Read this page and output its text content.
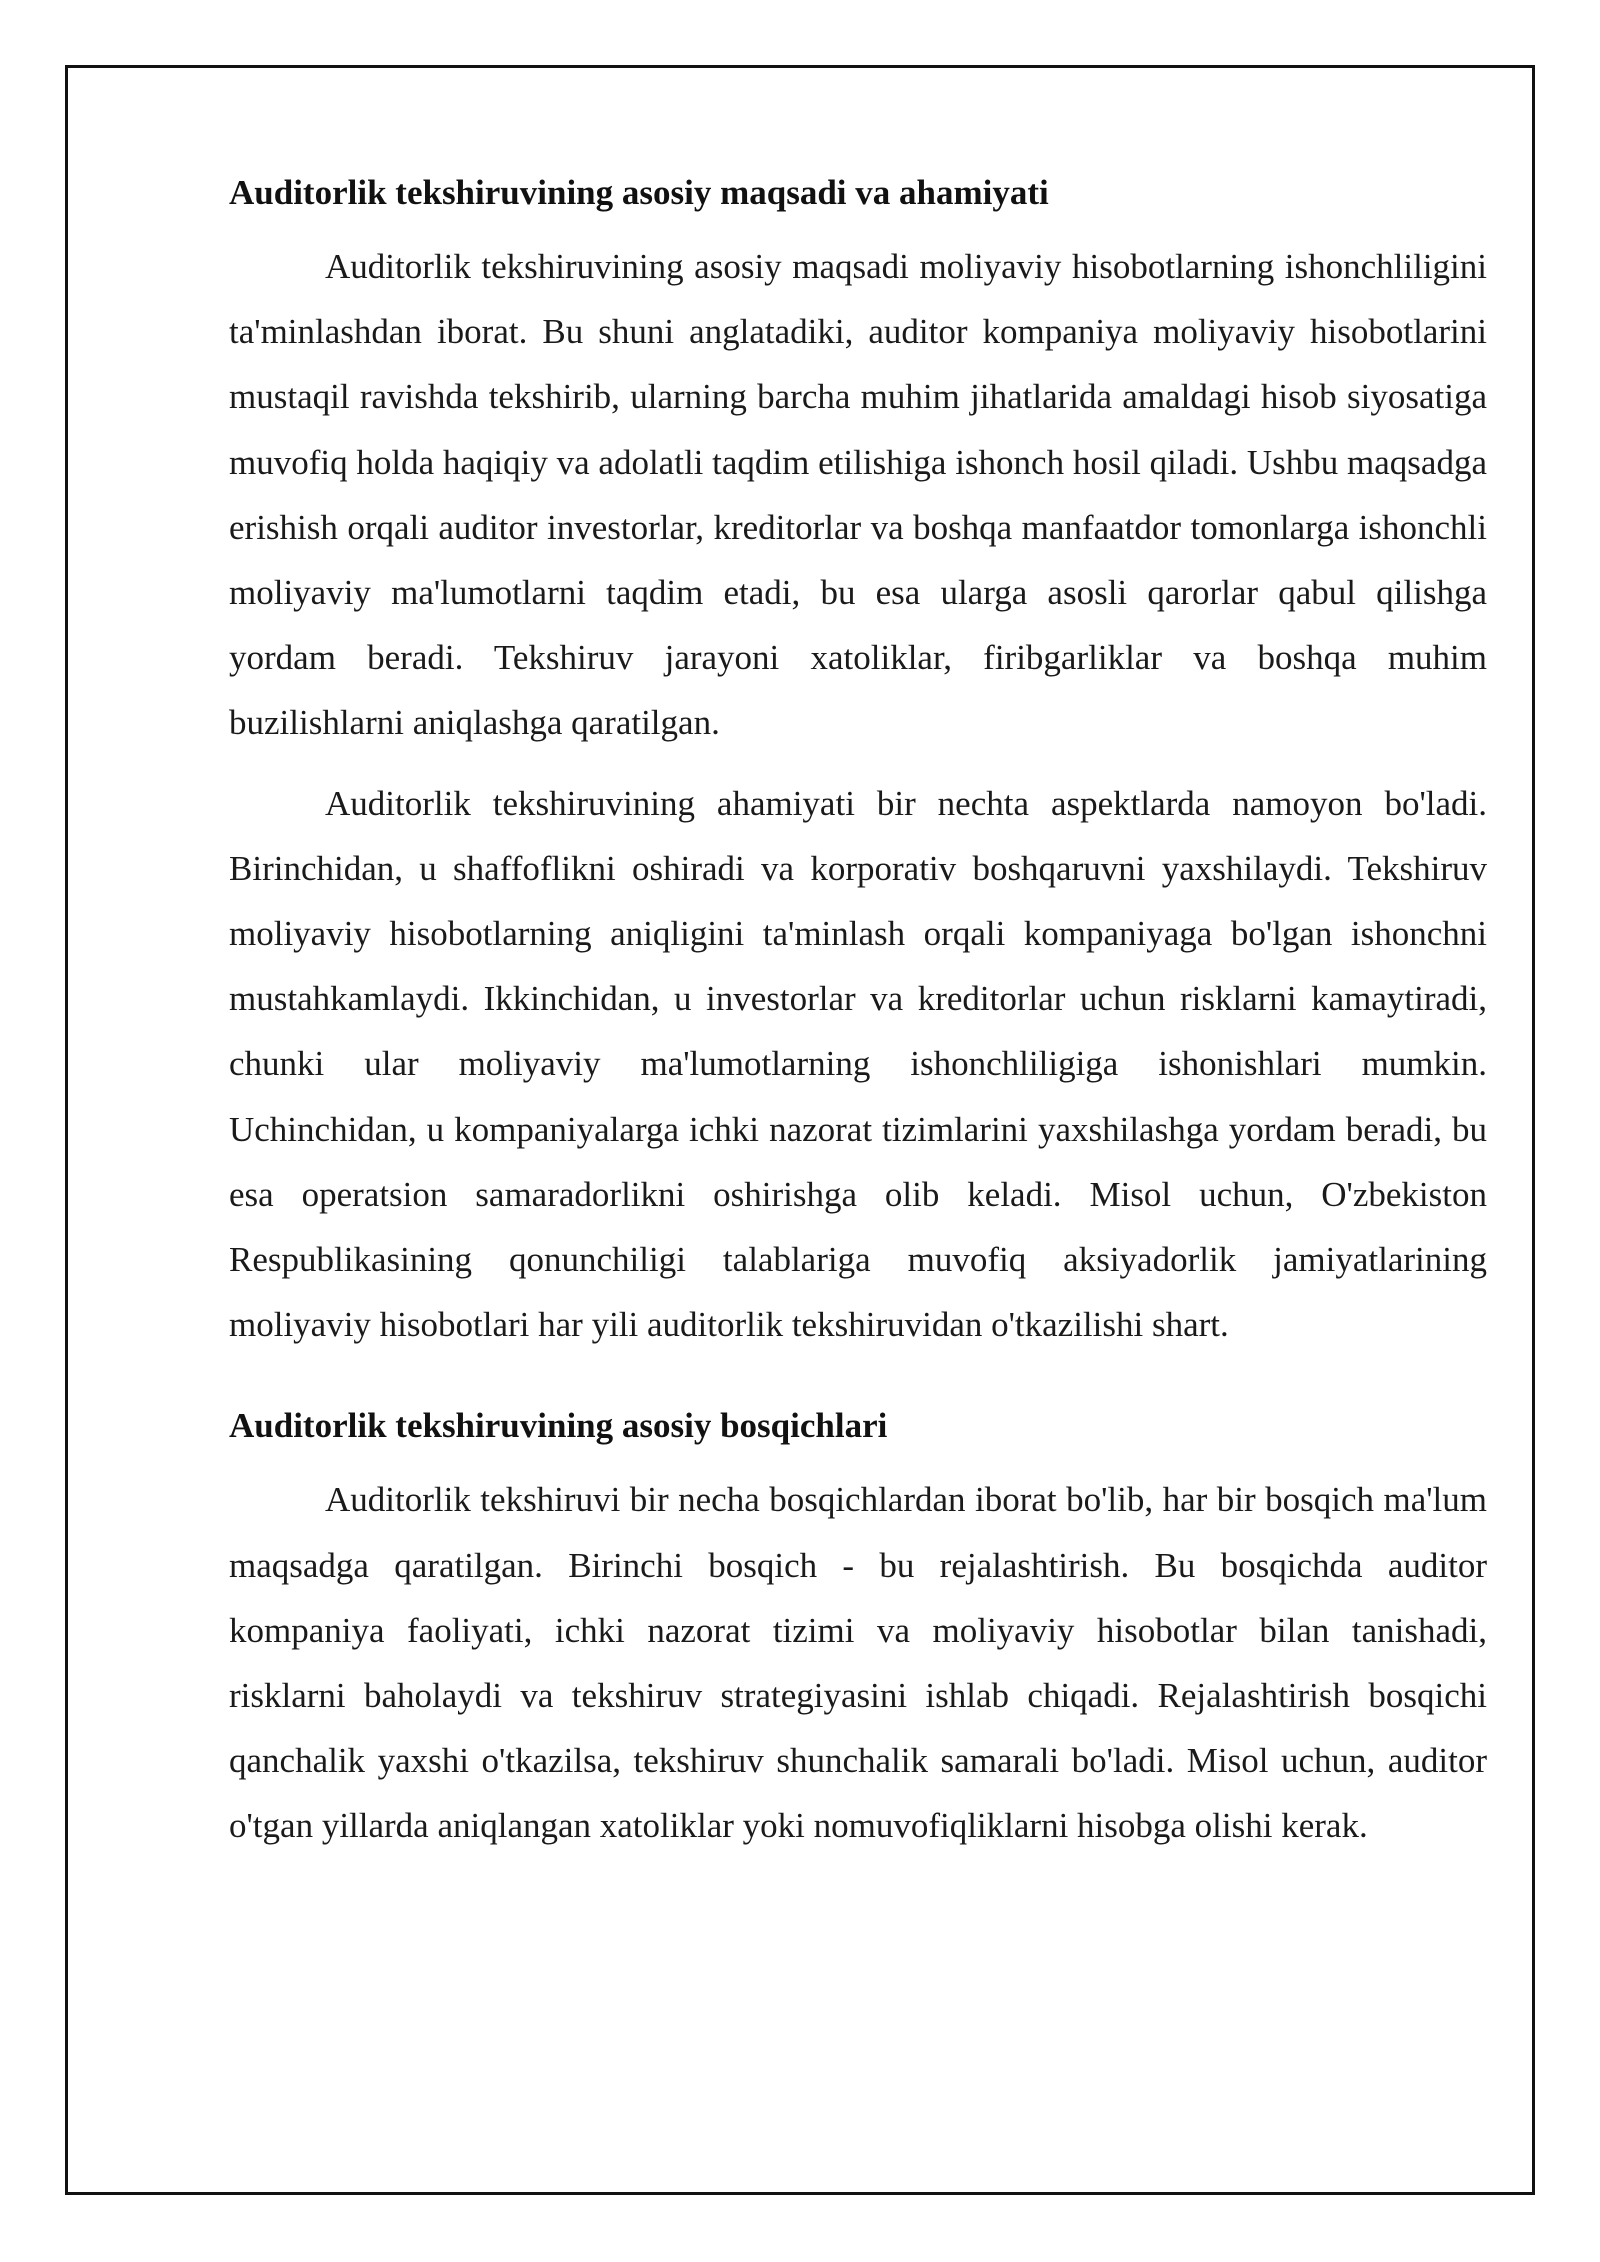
Auditorlik tekshiruvining asosiy maqsadi va ahamiyati

Auditorlik tekshiruvining asosiy maqsadi moliyaviy hisobotlarning ishonchliligini ta'minlashdan iborat. Bu shuni anglatadiki, auditor kompaniya moliyaviy hisobotlarini mustaqil ravishda tekshirib, ularning barcha muhim jihatlarida amaldagi hisob siyosatiga muvofiq holda haqiqiy va adolatli taqdim etilishiga ishonch hosil qiladi. Ushbu maqsadga erishish orqali auditor investorlar, kreditorlar va boshqa manfaatdor tomonlarga ishonchli moliyaviy ma'lumotlarni taqdim etadi, bu esa ularga asosli qarorlar qabul qilishga yordam beradi. Tekshiruv jarayoni xatoliklar, firibgarliklar va boshqa muhim buzilishlarni aniqlashga qaratilgan.

Auditorlik tekshiruvining ahamiyati bir nechta aspektlarda namoyon bo'ladi. Birinchidan, u shaffoflikni oshiradi va korporativ boshqaruvni yaxshilaydi. Tekshiruv moliyaviy hisobotlarning aniqligini ta'minlash orqali kompaniyaga bo'lgan ishonchni mustahkamlaydi. Ikkinchidan, u investorlar va kreditorlar uchun risklarni kamaytiradi, chunki ular moliyaviy ma'lumotlarning ishonchliligiga ishonishlari mumkin. Uchinchidan, u kompaniyalarga ichki nazorat tizimlarini yaxshilashga yordam beradi, bu esa operatsion samaradorlikni oshirishga olib keladi. Misol uchun, O'zbekiston Respublikasining qonunchiligi talablariga muvofiq aksiyadorlik jamiyatlarining moliyaviy hisobotlari har yili auditorlik tekshiruvidan o'tkazilishi shart.

Auditorlik tekshiruvining asosiy bosqichlari

Auditorlik tekshiruvi bir necha bosqichlardan iborat bo'lib, har bir bosqich ma'lum maqsadga qaratilgan. Birinchi bosqich - bu rejalashtirish. Bu bosqichda auditor kompaniya faoliyati, ichki nazorat tizimi va moliyaviy hisobotlar bilan tanishadi, risklarni baholaydi va tekshiruv strategiyasini ishlab chiqadi. Rejalashtirish bosqichi qanchalik yaxshi o'tkazilsa, tekshiruv shunchalik samarali bo'ladi. Misol uchun, auditor o'tgan yillarda aniqlangan xatoliklar yoki nomuvofiqliklarni hisobga olishi kerak.
